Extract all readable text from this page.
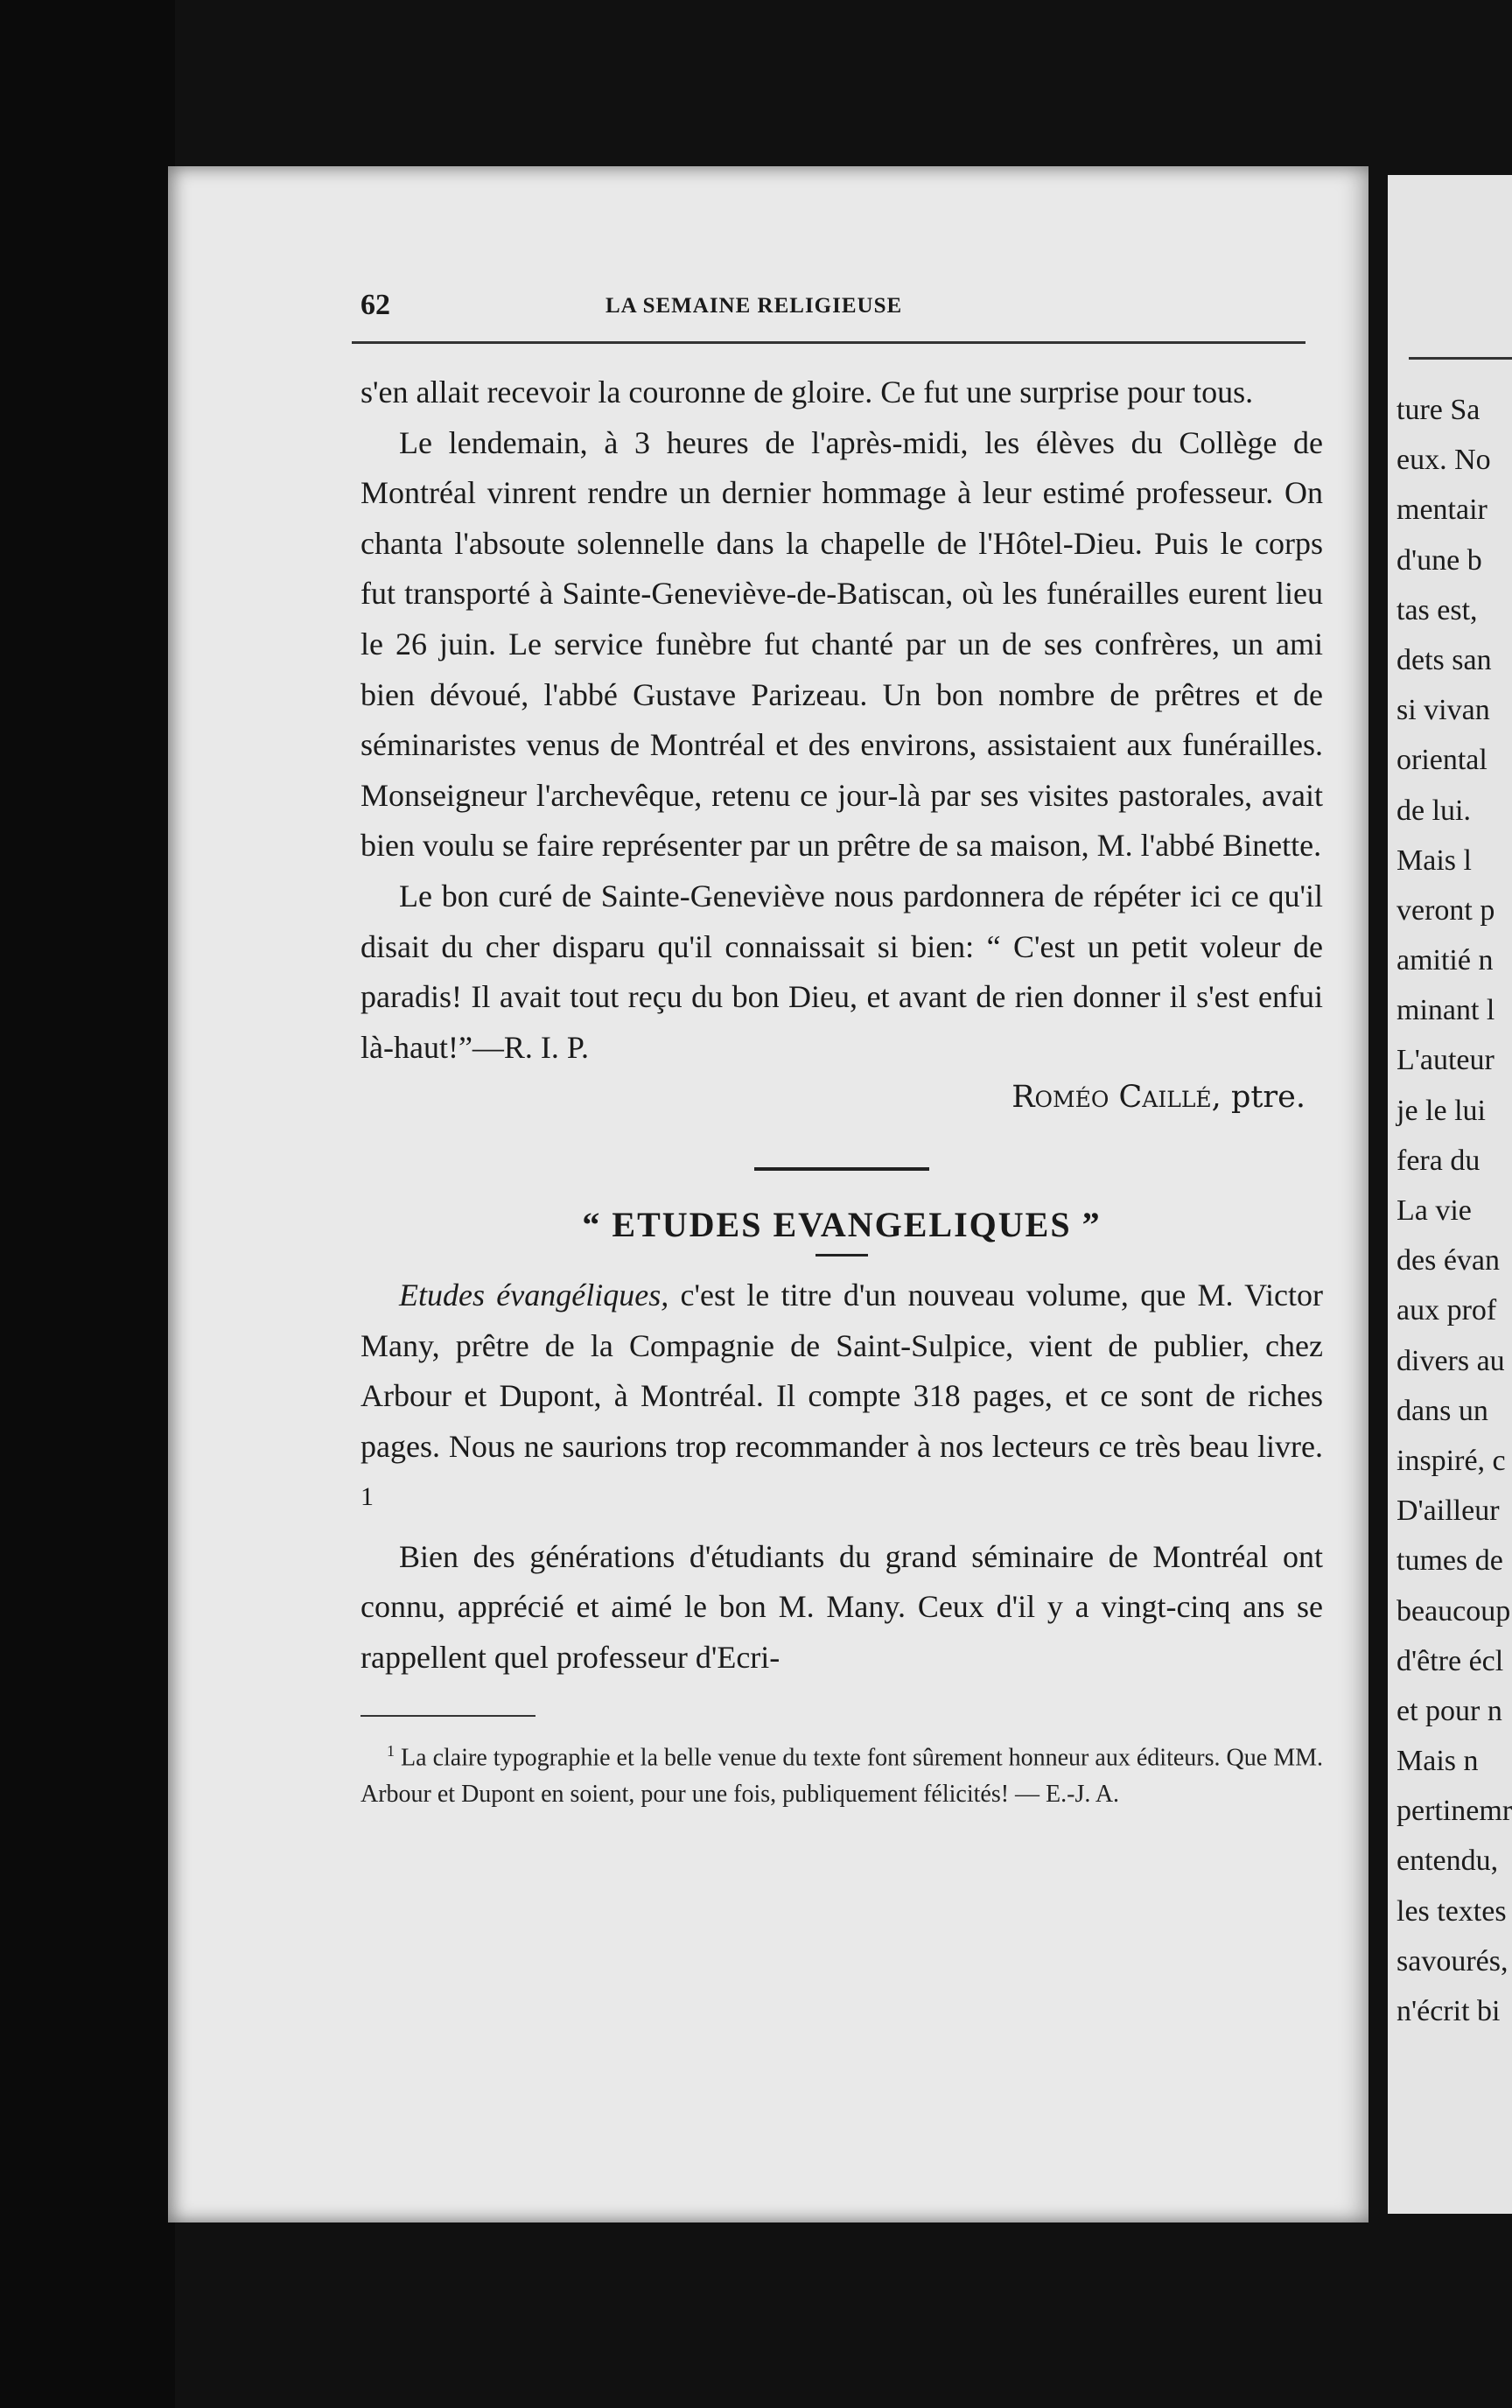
62	LA SEMAINE RELIGIEUSE

s'en allait recevoir la couronne de gloire. Ce fut une surprise pour tous.

Le lendemain, à 3 heures de l'après-midi, les élèves du Collège de Montréal vinrent rendre un dernier hommage à leur estimé professeur. On chanta l'absoute solennelle dans la chapelle de l'Hôtel-Dieu. Puis le corps fut transporté à Sainte-Geneviève-de-Batiscan, où les funérailles eurent lieu le 26 juin. Le service funèbre fut chanté par un de ses confrères, un ami bien dévoué, l'abbé Gustave Parizeau. Un bon nombre de prêtres et de séminaristes venus de Montréal et des environs, assistaient aux funérailles. Monseigneur l'archevêque, retenu ce jour-là par ses visites pastorales, avait bien voulu se faire représenter par un prêtre de sa maison, M. l'abbé Binette.

Le bon curé de Sainte-Geneviève nous pardonnera de répéter ici ce qu'il disait du cher disparu qu'il connaissait si bien: “ C'est un petit voleur de paradis! Il avait tout reçu du bon Dieu, et avant de rien donner il s'est enfui là-haut!”—R. I. P.

Roméo Caillé, ptre.
“ ETUDES EVANGELIQUES ”

Etudes évangéliques, c'est le titre d'un nouveau volume, que M. Victor Many, prêtre de la Compagnie de Saint-Sulpice, vient de publier, chez Arbour et Dupont, à Montréal. Il compte 318 pages, et ce sont de riches pages. Nous ne saurions trop recommander à nos lecteurs ce très beau livre. $^1$

Bien des générations d'étudiants du grand séminaire de Montréal ont connu, apprécié et aimé le bon M. Many. Ceux d'il y a vingt-cinq ans se rappellent quel professeur d'Ecri-

$^1$ La claire typographie et la belle venue du texte font sûrement honneur aux éditeurs. Que MM. Arbour et Dupont en soient, pour une fois, publiquement félicités! — E.-J. A.

ture Sa
eux. No
mentair
d'une b
tas est,
dets san
si vivan
oriental
de lui.
Mais l
veront p
amitié n
minant l
L'auteur
je le lui
fera du
La vie
des évan
aux prof
divers au
dans un
inspiré, c
D'ailleur
tumes de
beaucoup
d'être écl
et pour n
Mais n
pertinemr
entendu,
les textes
savourés,
n'écrit bi
